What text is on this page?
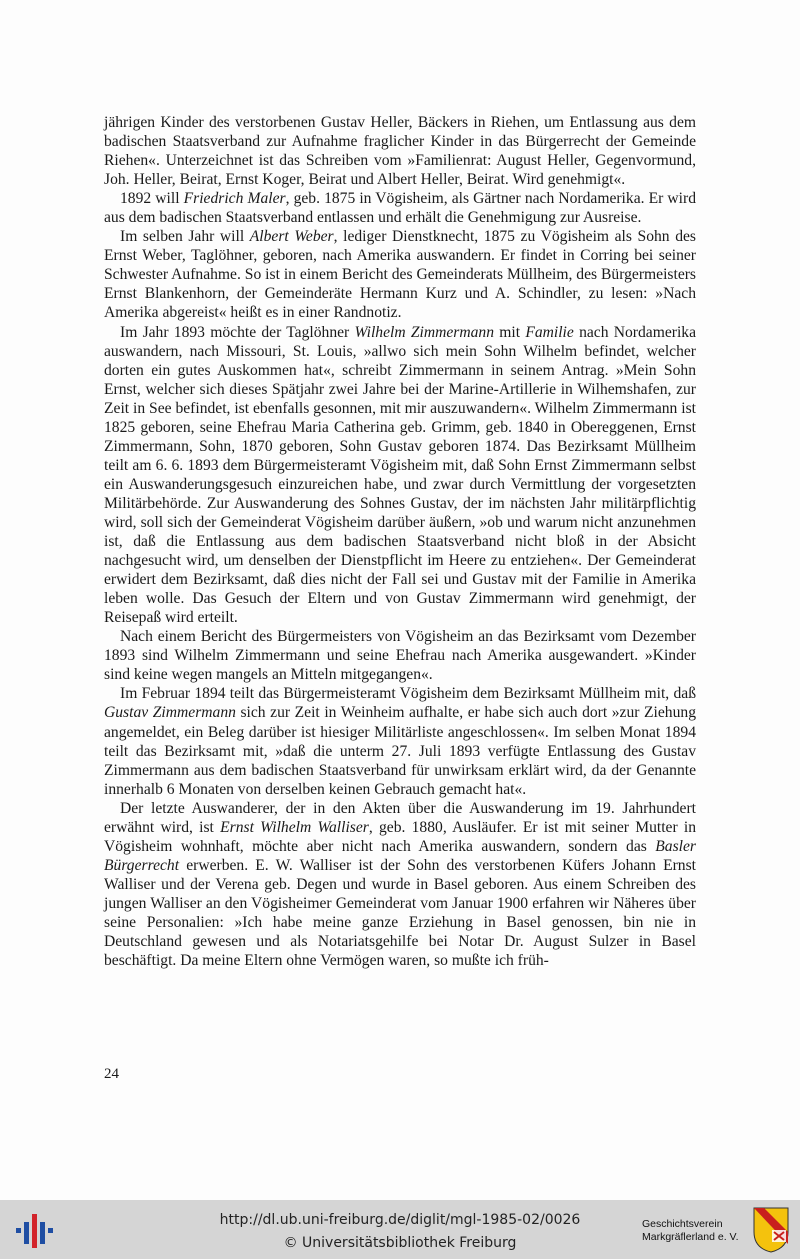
jährigen Kinder des verstorbenen Gustav Heller, Bäckers in Riehen, um Entlassung aus dem badischen Staatsverband zur Aufnahme fraglicher Kinder in das Bürgerrecht der Gemeinde Riehen«. Unterzeichnet ist das Schreiben vom »Familienrat: August Heller, Gegenvormund, Joh. Heller, Beirat, Ernst Koger, Beirat und Albert Heller, Beirat. Wird genehmigt«.

1892 will Friedrich Maler, geb. 1875 in Vögisheim, als Gärtner nach Nordamerika. Er wird aus dem badischen Staatsverband entlassen und erhält die Genehmigung zur Ausreise.

Im selben Jahr will Albert Weber, lediger Dienstknecht, 1875 zu Vögisheim als Sohn des Ernst Weber, Taglöhner, geboren, nach Amerika auswandern. Er findet in Corring bei seiner Schwester Aufnahme. So ist in einem Bericht des Gemeinderats Müllheim, des Bürgermeisters Ernst Blankenhorn, der Gemeinderäte Hermann Kurz und A. Schindler, zu lesen: »Nach Amerika abgereist« heißt es in einer Randnotiz.

Im Jahr 1893 möchte der Taglöhner Wilhelm Zimmermann mit Familie nach Nordamerika auswandern, nach Missouri, St. Louis, »allwo sich mein Sohn Wilhelm befindet, welcher dorten ein gutes Auskommen hat«, schreibt Zimmermann in seinem Antrag. »Mein Sohn Ernst, welcher sich dieses Spätjahr zwei Jahre bei der Marine-Artillerie in Wilhemshafen, zur Zeit in See befindet, ist ebenfalls gesonnen, mit mir auszuwandern«. Wilhelm Zimmermann ist 1825 geboren, seine Ehefrau Maria Catherina geb. Grimm, geb. 1840 in Obereggenen, Ernst Zimmermann, Sohn, 1870 geboren, Sohn Gustav geboren 1874. Das Bezirksamt Müllheim teilt am 6. 6. 1893 dem Bürgermeisteramt Vögisheim mit, daß Sohn Ernst Zimmermann selbst ein Auswanderungsgesuch einzureichen habe, und zwar durch Vermittlung der vorgesetzten Militärbehörde. Zur Auswanderung des Sohnes Gustav, der im nächsten Jahr militärpflichtig wird, soll sich der Gemeinderat Vögisheim darüber äußern, »ob und warum nicht anzunehmen ist, daß die Entlassung aus dem badischen Staatsverband nicht bloß in der Absicht nachgesucht wird, um denselben der Dienstpflicht im Heere zu entziehen«. Der Gemeinderat erwidert dem Bezirksamt, daß dies nicht der Fall sei und Gustav mit der Familie in Amerika leben wolle. Das Gesuch der Eltern und von Gustav Zimmermann wird genehmigt, der Reisepaß wird erteilt.

Nach einem Bericht des Bürgermeisters von Vögisheim an das Bezirksamt vom Dezember 1893 sind Wilhelm Zimmermann und seine Ehefrau nach Amerika ausgewandert. »Kinder sind keine wegen mangels an Mitteln mitgegangen«.

Im Februar 1894 teilt das Bürgermeisteramt Vögisheim dem Bezirksamt Müllheim mit, daß Gustav Zimmermann sich zur Zeit in Weinheim aufhalte, er habe sich auch dort »zur Ziehung angemeldet, ein Beleg darüber ist hiesiger Militärliste angeschlossen«. Im selben Monat 1894 teilt das Bezirksamt mit, »daß die unterm 27. Juli 1893 verfügte Entlassung des Gustav Zimmermann aus dem badischen Staatsverband für unwirksam erklärt wird, da der Genannte innerhalb 6 Monaten von derselben keinen Gebrauch gemacht hat«.

Der letzte Auswanderer, der in den Akten über die Auswanderung im 19. Jahrhundert erwähnt wird, ist Ernst Wilhelm Walliser, geb. 1880, Ausläufer. Er ist mit seiner Mutter in Vögisheim wohnhaft, möchte aber nicht nach Amerika auswandern, sondern das Basler Bürgerrecht erwerben. E. W. Walliser ist der Sohn des verstorbenen Küfers Johann Ernst Walliser und der Verena geb. Degen und wurde in Basel geboren. Aus einem Schreiben des jungen Walliser an den Vögisheimer Gemeinderat vom Januar 1900 erfahren wir Näheres über seine Personalien: »Ich habe meine ganze Erziehung in Basel genossen, bin nie in Deutschland gewesen und als Notariatsgehilfe bei Notar Dr. August Sulzer in Basel beschäftigt. Da meine Eltern ohne Vermögen waren, so mußte ich früh-

24
http://dl.ub.uni-freiburg.de/diglit/mgl-1985-02/0026
© Universitätsbibliothek Freiburg
Geschichtsverein
Markgräflerland e. V.
